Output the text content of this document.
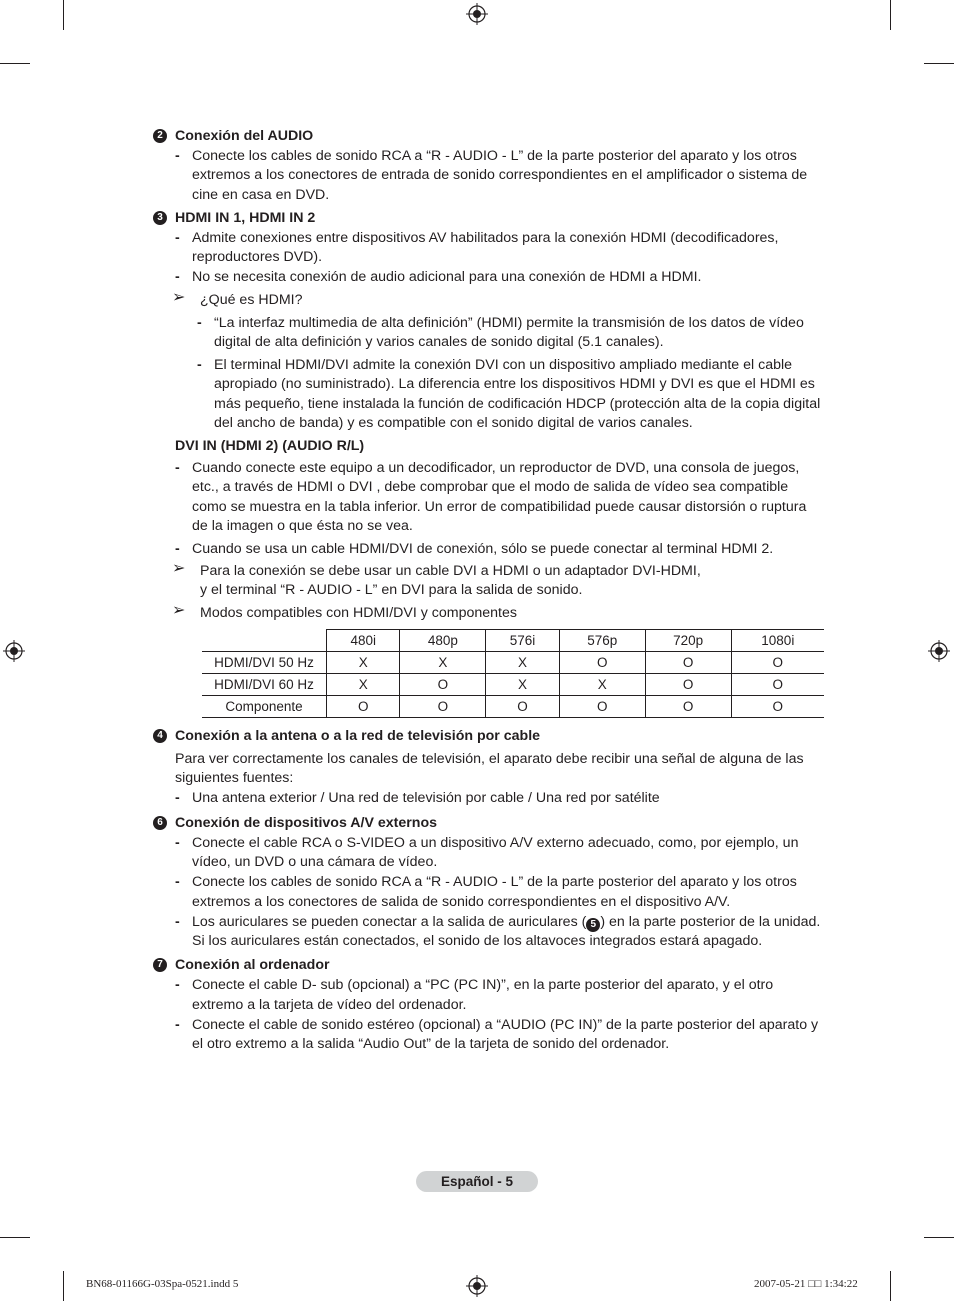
2 Conexión del AUDIO
- Conecte los cables de sonido RCA a “R - AUDIO - L” de la parte posterior del aparato y los otros extremos a los conectores de entrada de sonido correspondientes en el amplificador o sistema de cine en casa en DVD.
3 HDMI IN 1, HDMI IN 2
- Admite conexiones entre dispositivos AV habilitados para la conexión HDMI (decodificadores, reproductores DVD).
- No se necesita conexión de audio adicional para una conexión de HDMI a HDMI.
➢ ¿Qué es HDMI?
- “La interfaz multimedia de alta definición” (HDMI) permite la transmisión de los datos de vídeo digital de alta definición y varios canales de sonido digital (5.1 canales).
- El terminal HDMI/DVI admite la conexión DVI con un dispositivo ampliado mediante el cable apropiado (no suministrado). La diferencia entre los dispositivos HDMI y DVI es que el HDMI es más pequeño, tiene instalada la función de codificación HDCP (protección alta de la copia digital del ancho de banda) y es compatible con el sonido digital de varios canales.
DVI IN (HDMI 2) (AUDIO R/L)
- Cuando conecte este equipo a un decodificador, un reproductor de DVD, una consola de juegos, etc., a través de HDMI o DVI , debe comprobar que el modo de salida de vídeo sea compatible como se muestra en la tabla inferior. Un error de compatibilidad puede causar distorsión o ruptura de la imagen o que ésta no se vea.
- Cuando se usa un cable HDMI/DVI de conexión, sólo se puede conectar al terminal HDMI 2.
➢ Para la conexión se debe usar un cable DVI a HDMI o un adaptador DVI-HDMI,
y el terminal “R - AUDIO - L” en DVI para la salida de sonido.
➢ Modos compatibles con HDMI/DVI y componentes
	480i	480p	576i	576p	720p	1080i
HDMI/DVI 50 Hz	X	X	X	O	O	O
HDMI/DVI 60 Hz	X	O	X	X	O	O
Componente	O	O	O	O	O	O
4 Conexión a la antena o a la red de televisión por cable
Para ver correctamente los canales de televisión, el aparato debe recibir una señal de alguna de las siguientes fuentes:
- Una antena exterior / Una red de televisión por cable / Una red por satélite
6 Conexión de dispositivos A/V externos
- Conecte el cable RCA o S-VIDEO a un dispositivo A/V externo adecuado, como, por ejemplo, un vídeo, un DVD o una cámara de vídeo.
- Conecte los cables de sonido RCA a “R - AUDIO - L” de la parte posterior del aparato y los otros extremos a los conectores de salida de sonido correspondientes en el dispositivo A/V.
- Los auriculares se pueden conectar a la salida de auriculares ( 5 ) en la parte posterior de la unidad. Si los auriculares están conectados, el sonido de los altavoces integrados estará apagado.
7 Conexión al ordenador
- Conecte el cable D- sub (opcional) a “PC (PC IN)”, en la parte posterior del aparato, y el otro extremo a la tarjeta de vídeo del ordenador.
- Conecte el cable de sonido estéreo (opcional) a “AUDIO (PC IN)” de la parte posterior del aparato y el otro extremo a la salida “Audio Out” de la tarjeta de sonido del ordenador.
Español - 5
BN68-01166G-03Spa-0521.indd 5	2007-05-21 □□ 1:34:22
